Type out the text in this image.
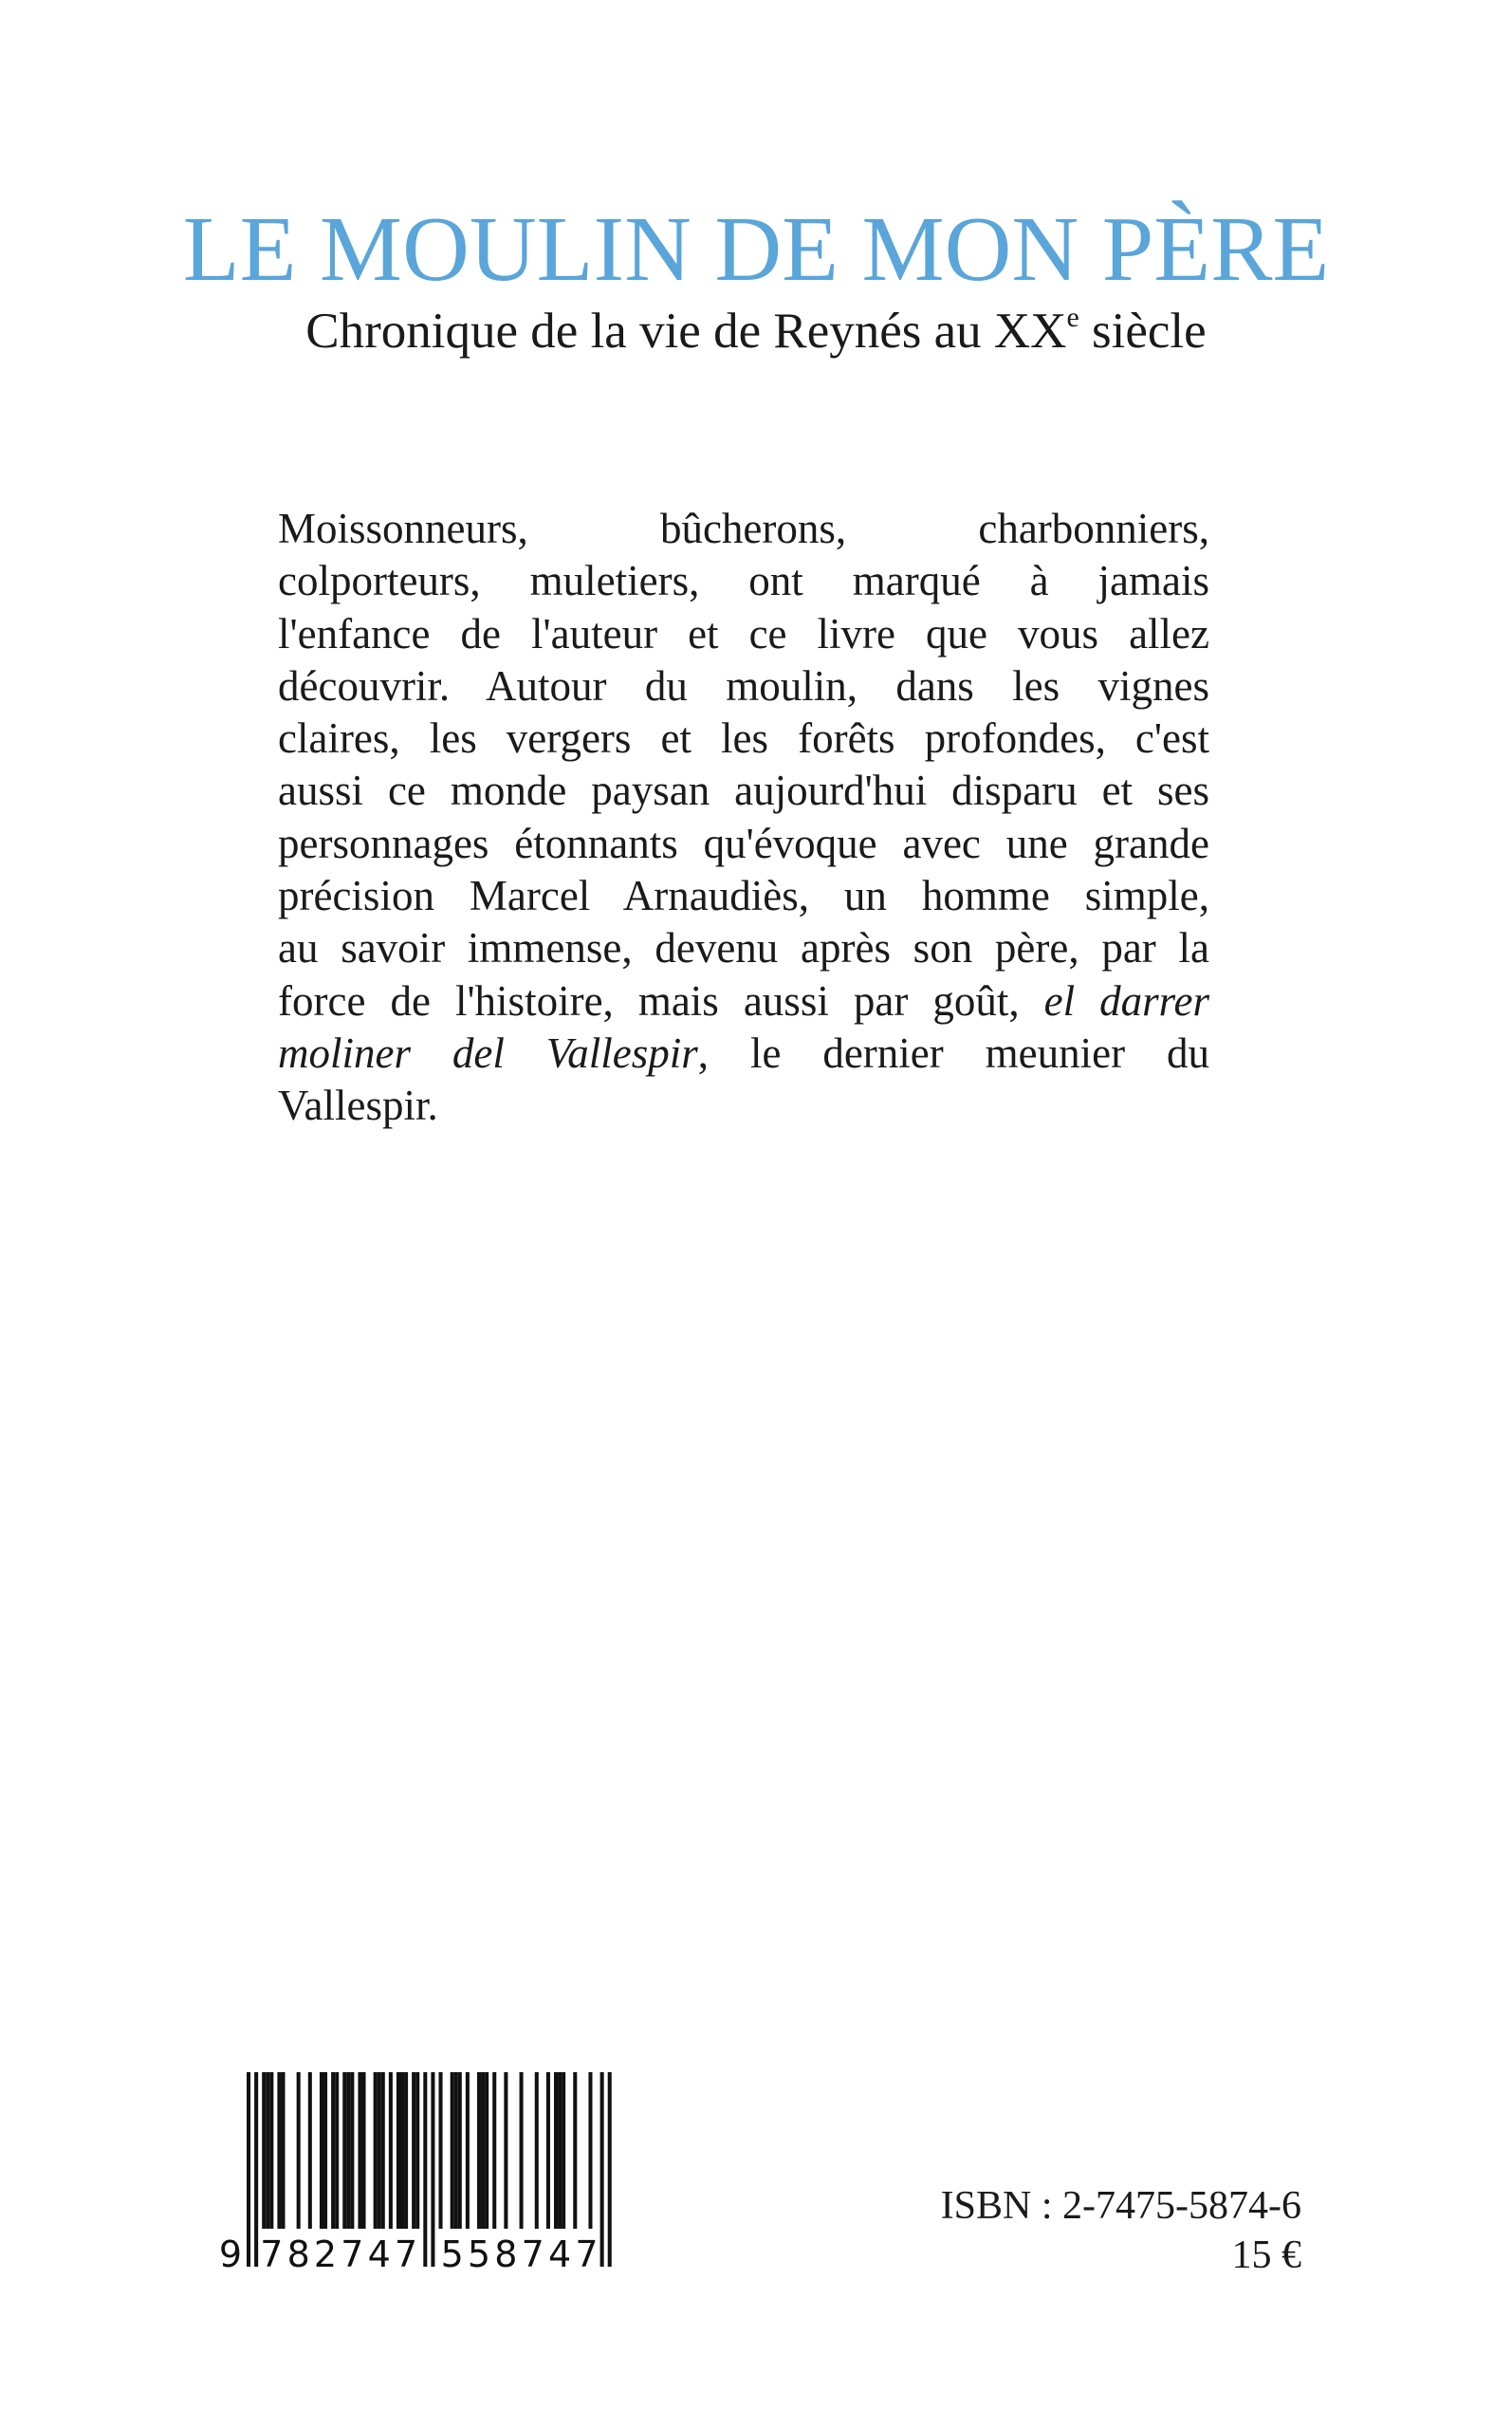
LE MOULIN DE MON PÈRE
Chronique de la vie de Reynés au XXe siècle
Moissonneurs, bûcherons, charbonniers,
colporteurs, muletiers, ont marqué à jamais
l'enfance de l'auteur et ce livre que vous allez
découvrir. Autour du moulin, dans les vignes
claires, les vergers et les forêts profondes, c'est
aussi ce monde paysan aujourd'hui disparu et ses
personnages étonnants qu'évoque avec une grande
précision Marcel Arnaudiès, un homme simple,
au savoir immense, devenu après son père, par la
force de l'histoire, mais aussi par goût, el darrer
moliner del Vallespir, le dernier meunier du
Vallespir.
9 7 8 2 7 4 7 5 5 8 7 4 7
ISBN : 2-7475-5874-6
15 €
